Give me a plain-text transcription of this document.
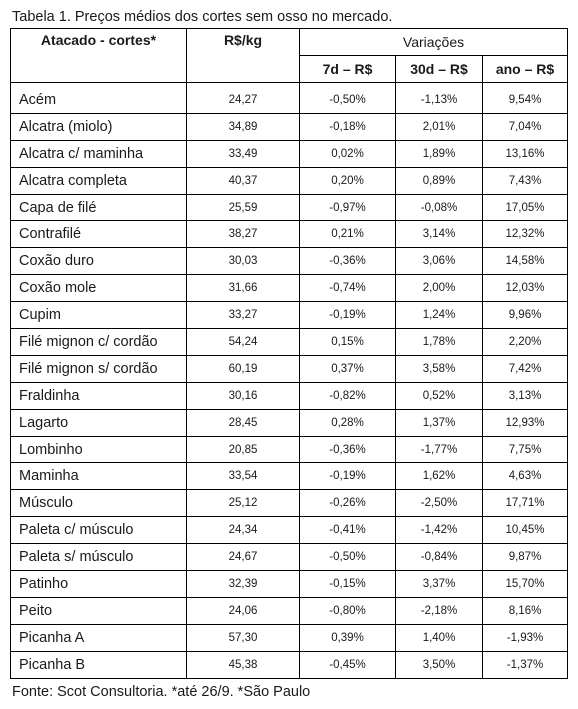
Tabela 1. Preços médios dos cortes sem osso no mercado.
Atacado - cortes*	R$/kg	Variações		
		7d – R$	30d – R$	ano – R$
Acém	24,27	-0,50%	-1,13%	9,54%
Alcatra (miolo)	34,89	-0,18%	2,01%	7,04%
Alcatra c/ maminha	33,49	0,02%	1,89%	13,16%
Alcatra completa	40,37	0,20%	0,89%	7,43%
Capa de filé	25,59	-0,97%	-0,08%	17,05%
Contrafilé	38,27	0,21%	3,14%	12,32%
Coxão duro	30,03	-0,36%	3,06%	14,58%
Coxão mole	31,66	-0,74%	2,00%	12,03%
Cupim	33,27	-0,19%	1,24%	9,96%
Filé mignon c/ cordão	54,24	0,15%	1,78%	2,20%
Filé mignon s/ cordão	60,19	0,37%	3,58%	7,42%
Fraldinha	30,16	-0,82%	0,52%	3,13%
Lagarto	28,45	0,28%	1,37%	12,93%
Lombinho	20,85	-0,36%	-1,77%	7,75%
Maminha	33,54	-0,19%	1,62%	4,63%
Músculo	25,12	-0,26%	-2,50%	17,71%
Paleta c/ músculo	24,34	-0,41%	-1,42%	10,45%
Paleta s/ músculo	24,67	-0,50%	-0,84%	9,87%
Patinho	32,39	-0,15%	3,37%	15,70%
Peito	24,06	-0,80%	-2,18%	8,16%
Picanha A	57,30	0,39%	1,40%	-1,93%
Picanha B	45,38	-0,45%	3,50%	-1,37%
Fonte: Scot Consultoria. *até 26/9. *São Paulo
